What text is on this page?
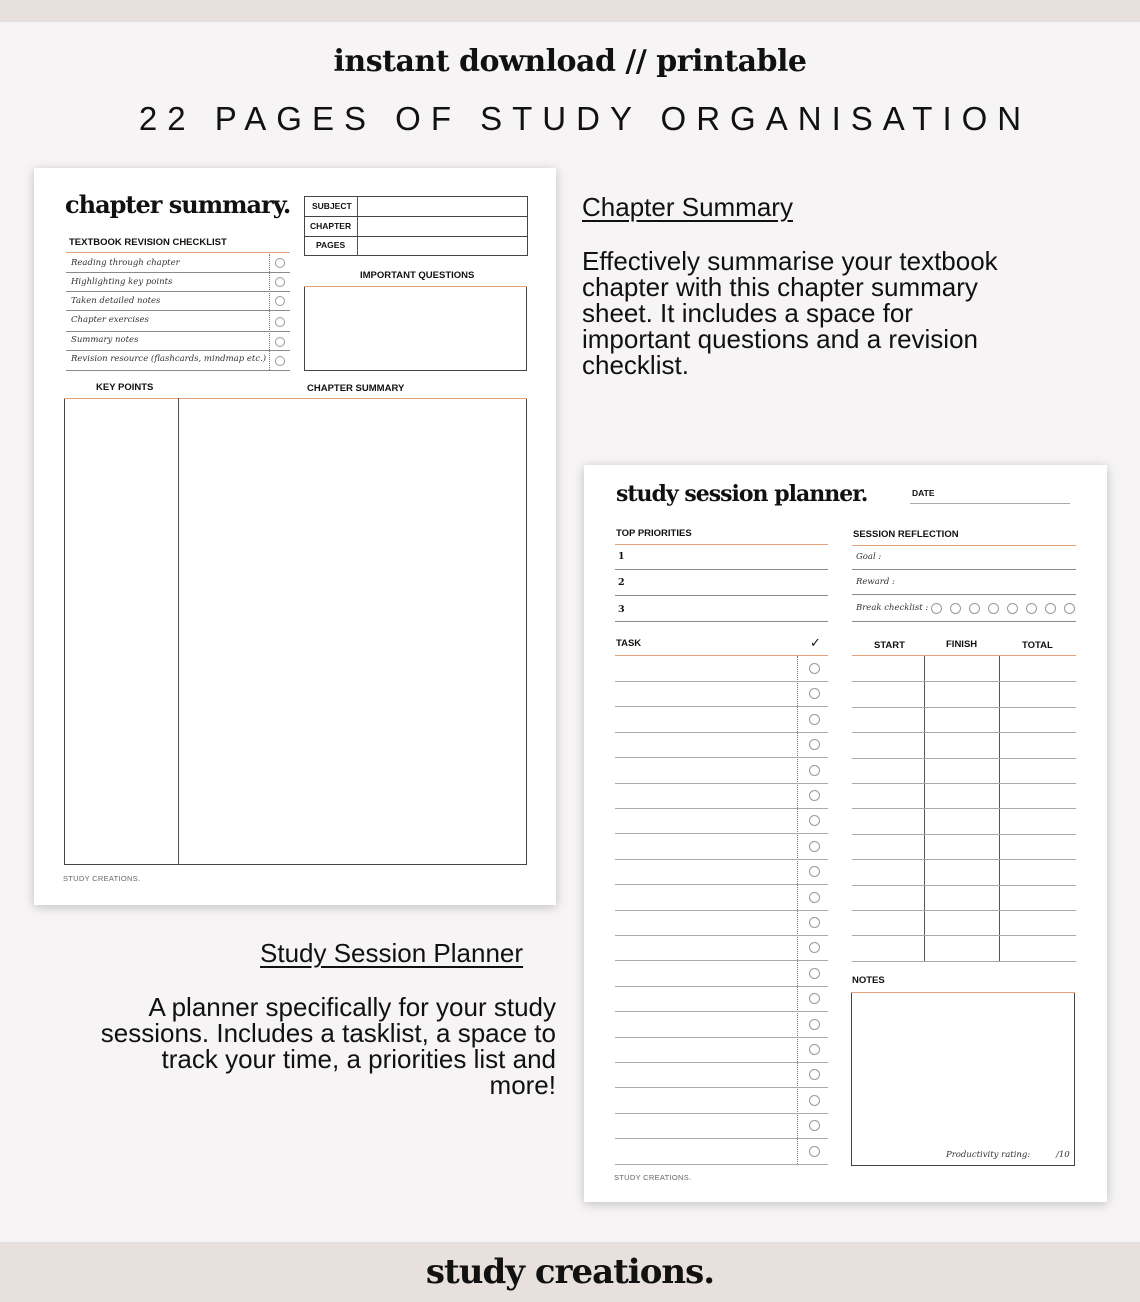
instant download // printable
22 PAGES OF STUDY ORGANISATION
chapter summary.	SUBJECT
CHAPTER
PAGES
TEXTBOOK REVISION CHECKLIST
Reading through chapter
Highlighting key points
Taken detailed notes
Chapter exercises
Summary notes
Revision resource (flashcards, mindmap etc.)
IMPORTANT QUESTIONS
KEY POINTS	CHAPTER SUMMARY
STUDY CREATIONS.
Chapter Summary
Effectively summarise your textbook
chapter with this chapter summary
sheet. It includes a space for
important questions and a revision
checklist.
Study Session Planner
A planner specifically for your study
sessions. Includes a tasklist, a space to
track your time, a priorities list and
more!
study session planner.	DATE
TOP PRIORITIES
1
2
3
SESSION REFLECTION
Goal :
Reward :
Break checklist :
TASK	✓	START	FINISH	TOTAL
NOTES
Productivity rating:	/10
STUDY CREATIONS.
study creations.
